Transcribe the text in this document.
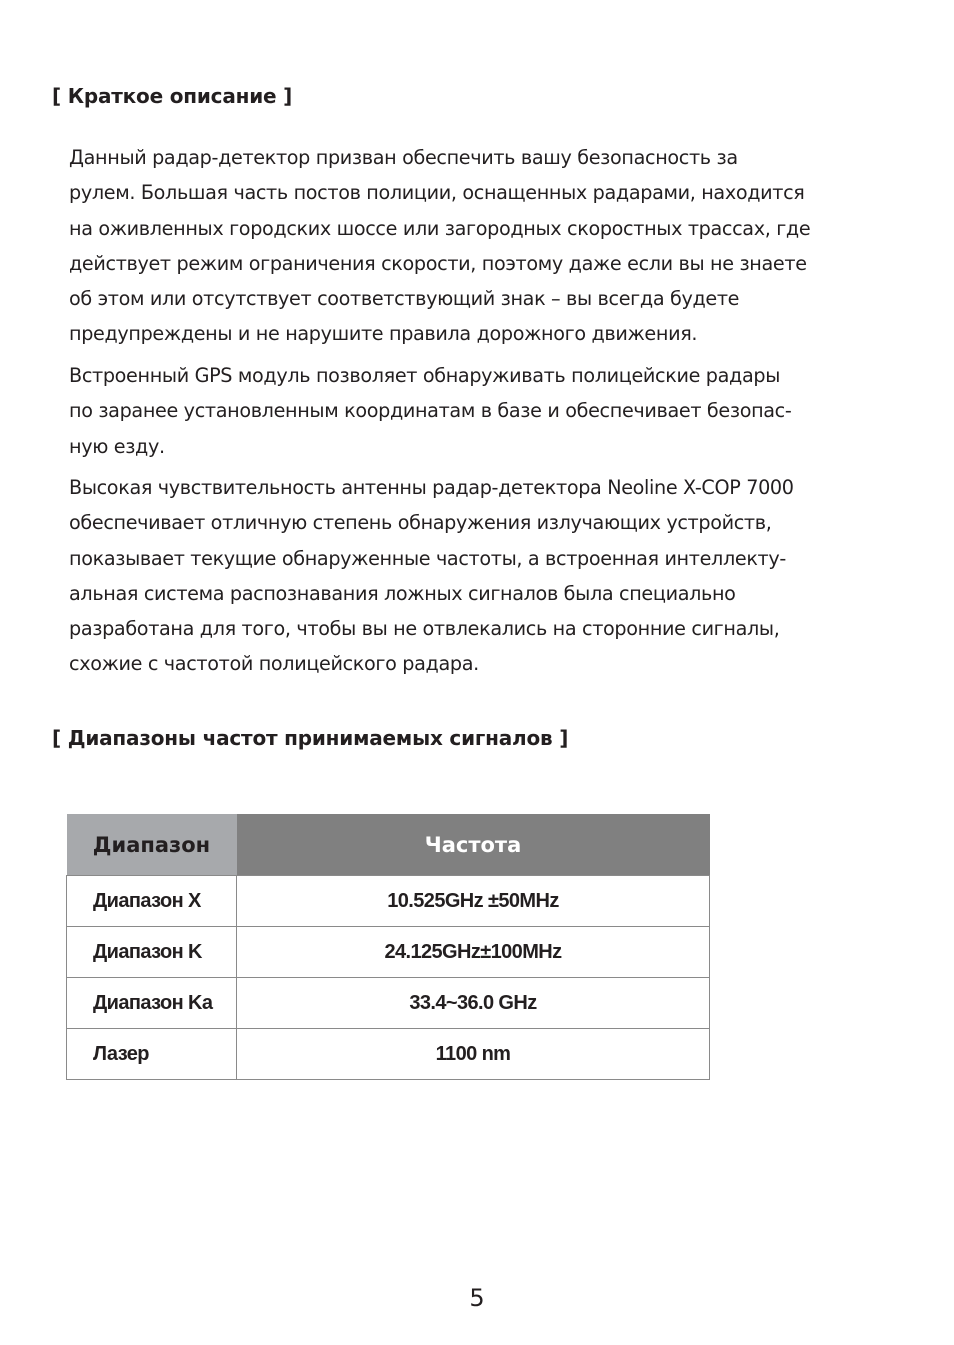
[ Краткое описание ]

Данный радар-детектор призван обеспечить вашу безопасность за
рулем. Большая часть постов полиции, оснащенных радарами, находится
на оживленных городских шоссе или загородных скоростных трассах, где
действует режим ограничения скорости, поэтому даже если вы не знаете
об этом или отсутствует соответствующий знак – вы всегда будете
предупреждены и не нарушите правила дорожного движения.

Встроенный GPS модуль позволяет обнаруживать полицейские радары
по заранее установленным координатам в базе и обеспечивает безопас-
ную езду.

Высокая чувствительность антенны радар-детектора Neoline X-COP 7000
обеспечивает отличную степень обнаружения излучающих устройств,
показывает текущие обнаруженные частоты, а встроенная интеллекту-
альная система распознавания ложных сигналов была специально
разработана для того, чтобы вы не отвлекались на сторонние сигналы,
схожие с частотой полицейского радара.

[ Диапазоны частот принимаемых сигналов ]
Диапазон	Частота
Диапазон X	10.525GHz ±50MHz
Диапазон K	24.125GHz±100MHz
Диапазон Ka	33.4~36.0 GHz
Лазер	1100 nm

5
